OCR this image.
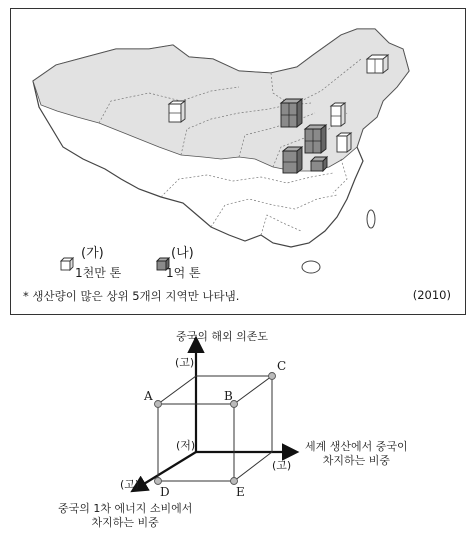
(가)	(나)
1천만 톤	1억 톤
* 생산량이 많은 상위 5개의 지역만 나타냄.	(2010)
중국의 해외 의존도
(고)
(저)
(고)
세계 생산에서 중국이
차지하는 비중
(고)
중국의 1차 에너지 소비에서
차지하는 비중
A	B
C
D	E
